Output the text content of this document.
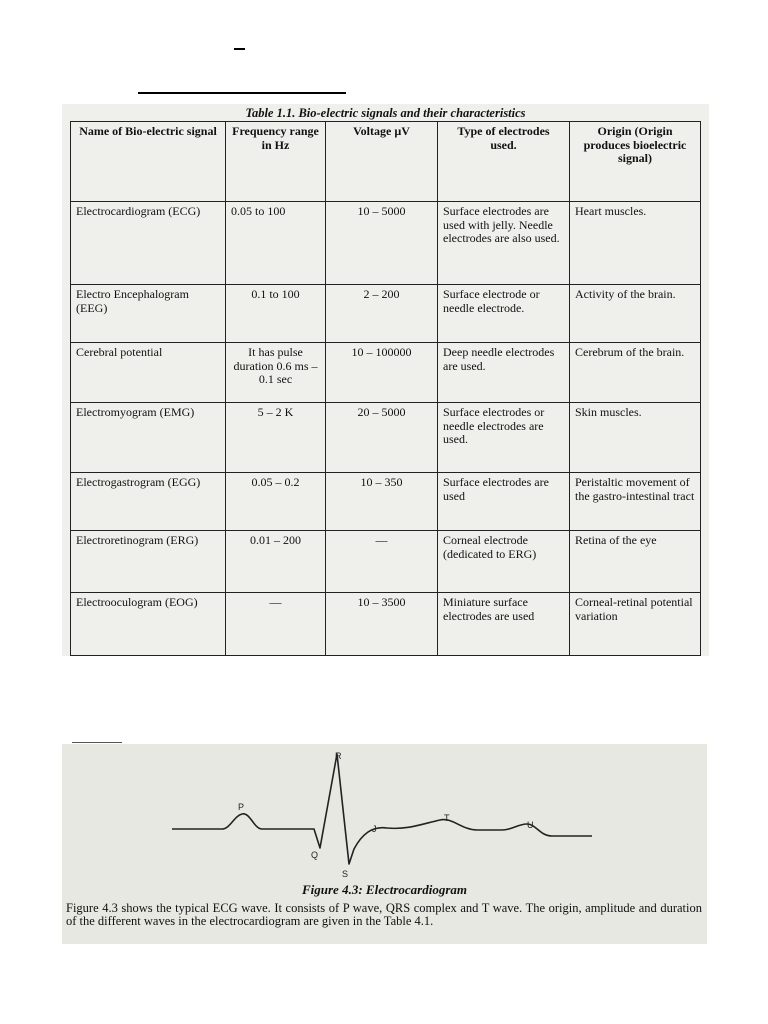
Table 1.1. Bio-electric signals and their characteristics
Name of Bio-electric signal	Frequency range in Hz	Voltage µV	Type of electrodes used.	Origin (Origin produces bioelectric signal)
Electrocardiogram (ECG)	0.05 to 100	10 – 5000	Surface electrodes are used with jelly. Needle electrodes are also used.	Heart muscles.
Electro Encephalogram (EEG)	0.1 to 100	2 – 200	Surface electrode or needle electrode.	Activity of the brain.
Cerebral potential	It has pulse duration 0.6 ms – 0.1 sec	10 – 100000	Deep needle electrodes are used.	Cerebrum of the brain.
Electromyogram (EMG)	5 – 2 K	20 – 5000	Surface electrodes or needle electrodes are used.	Skin muscles.
Electrogastrogram (EGG)	0.05 – 0.2	10 – 350	Surface electrodes are used	Peristaltic movement of the gastro-intestinal tract
Electroretinogram (ERG)	0.01 – 200	—	Corneal electrode (dedicated to ERG)	Retina of the eye
Electrooculogram (EOG)	—	10 – 3500	Miniature surface electrodes are used	Corneal-retinal potential variation
P
Q
R
S
J
T
U
Figure 4.3: Electrocardiogram
Figure 4.3 shows the typical ECG wave. It consists of P wave, QRS complex and T wave. The origin, amplitude and duration of the different waves in the electrocardiogram are given in the Table 4.1.
